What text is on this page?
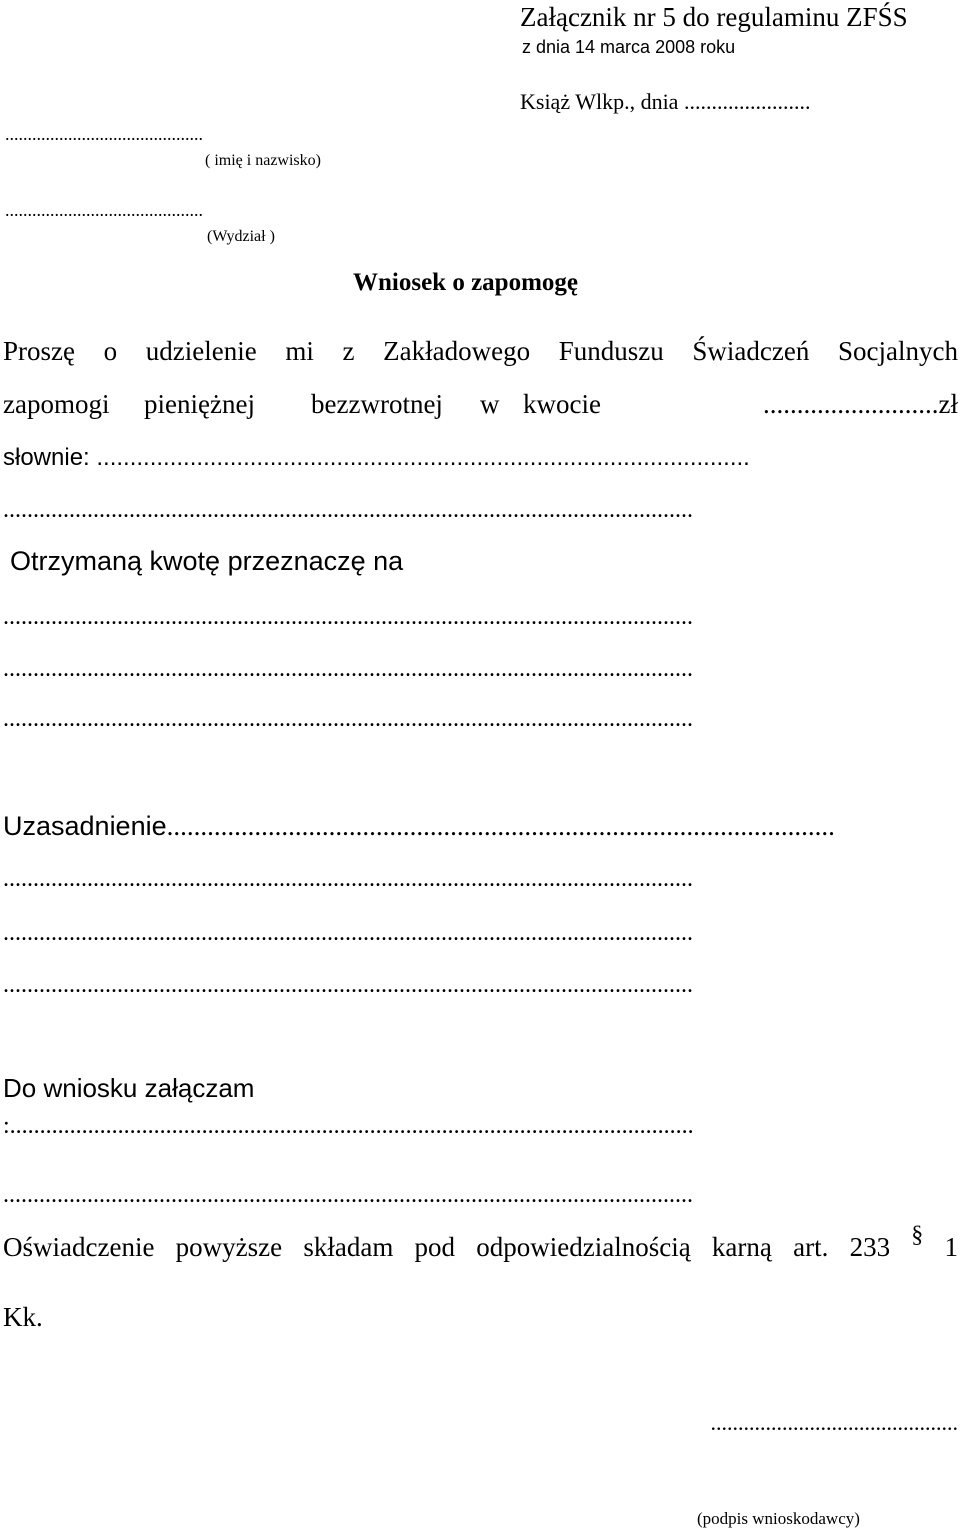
Załącznik nr 5 do regulaminu ZFŚS
z dnia 14 marca 2008 roku
Książ Wlkp., dnia .......................
............................................
( imię i nazwisko)
............................................
(Wydział )
Wniosek o zapomogę
Proszę o udzielenie mi z Zakładowego Funduszu Świadczeń Socjalnych
zapomogi pieniężnej bezzwrotnej w kwocie	..........................zł
słownie: ..................................................................................................
...................................................................................................................
Otrzymaną kwotę przeznaczę na
...................................................................................................................
...................................................................................................................
...................................................................................................................
Uzasadnienie...................................................................................................
...................................................................................................................
...................................................................................................................
...................................................................................................................
Do wniosku załączam
:..................................................................................................................
...................................................................................................................
Oświadczenie powyższe składam pod odpowiedzialnością karną art. 233 § 1
Kk.
.............................................
(podpis wnioskodawcy)
